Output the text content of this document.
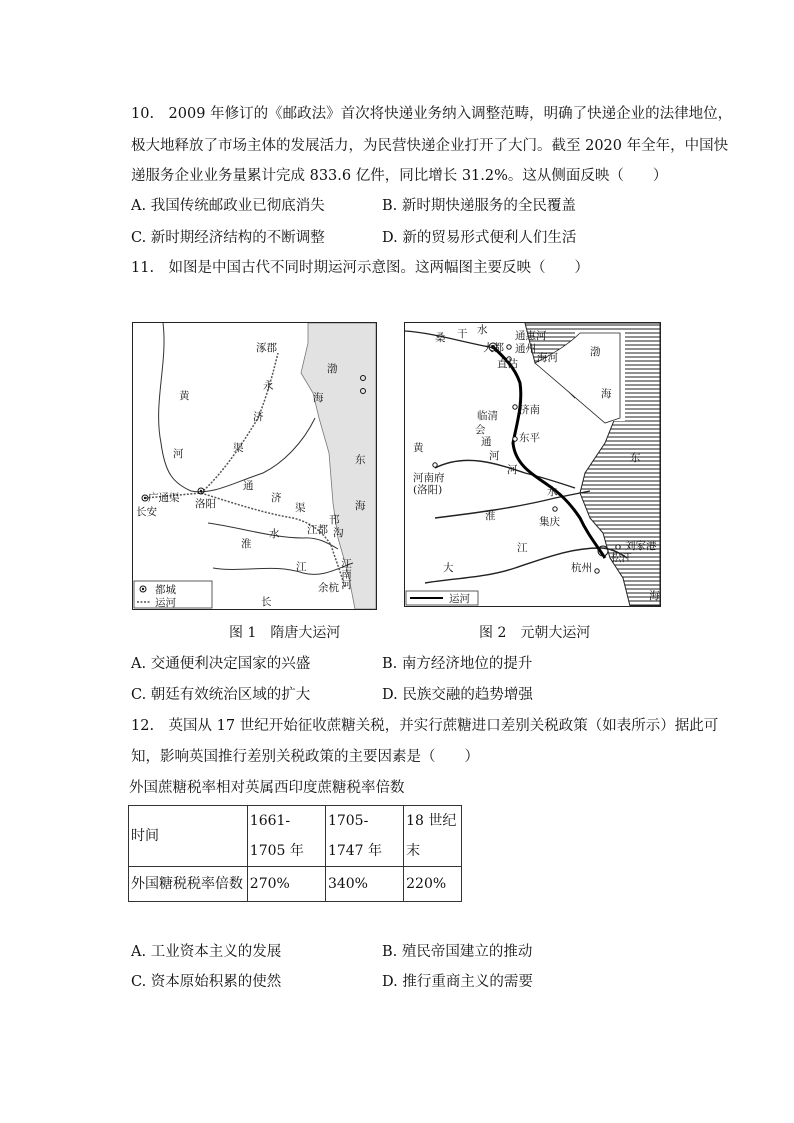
10.　2009 年修订的《邮政法》首次将快递业务纳入调整范畴，明确了快递企业的法律地位，
极大地释放了市场主体的发展活力，为民营快递企业打开了大门。截至 2020 年全年，中国快
递服务企业业务量累计完成 833.6 亿件，同比增长 31.2%。这从侧面反映（　　）
A. 我国传统邮政业已彻底消失	B. 新时期快递服务的全民覆盖
C. 新时期经济结构的不断调整	D. 新的贸易形式便利人们生活
11.　如图是中国古代不同时期运河示意图。这两幅图主要反映（　　）
涿郡
渤
海
黄
河
永
济
渠
东
海
长安
广通渠 洛阳
通
济
渠
淮
水	江都
邗
沟
江	江南河
余杭
长
都城
运河
桑 干 水
大都
通惠河
通州
海河
直沽
渤
海
临清 济南
会
通
河
东平
黄
河
河南府
(洛阳)
东
水
淮	集庆
江	刘家港
松江
杭州
大
海
运河
图 1　隋唐大运河	图 2　元朝大运河
A. 交通便利决定国家的兴盛	B. 南方经济地位的提升
C. 朝廷有效统治区域的扩大	D. 民族交融的趋势增强
12.　英国从 17 世纪开始征收蔗糖关税，并实行蔗糖进口差别关税政策（如表所示）据此可
知，影响英国推行差别关税政策的主要因素是（　　）
外国蔗糖税率相对英属西印度蔗糖税率倍数
时间	1661-1705 年	1705-1747 年	18 世纪末
外国糖税税率倍数	270%	340%	220%
A. 工业资本主义的发展	B. 殖民帝国建立的推动
C. 资本原始积累的使然	D. 推行重商主义的需要
